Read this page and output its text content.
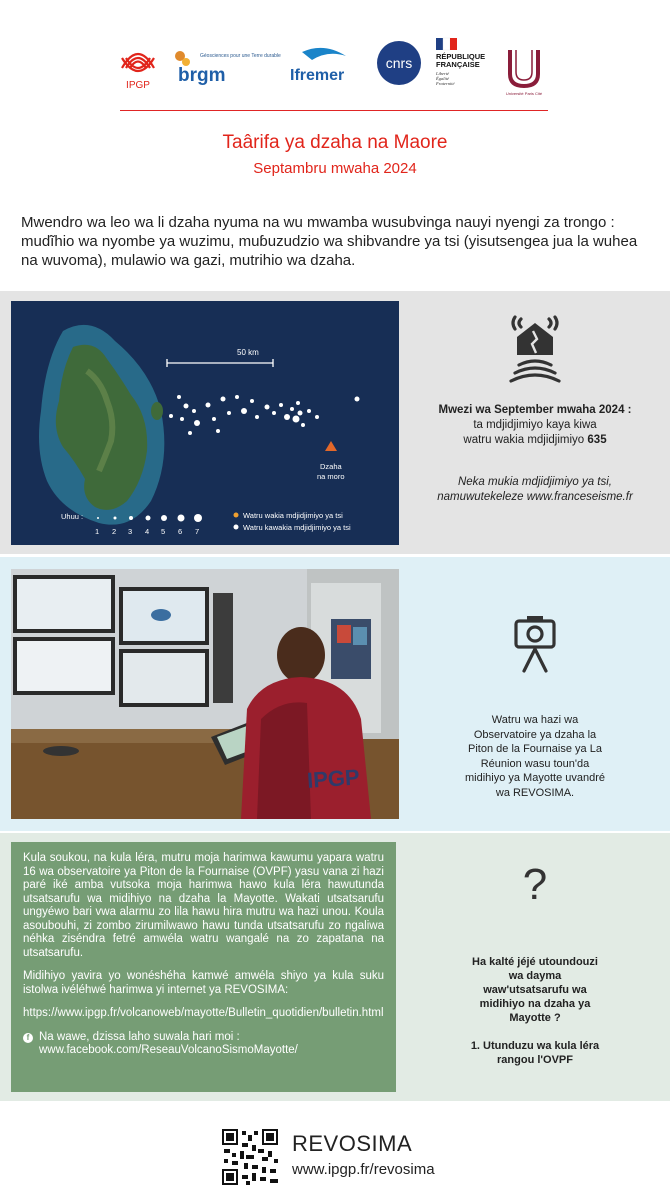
IPGP brgm
Géosciences pour une Terre durable
Ifremer
cnrs	RÉPUBLIQUE
FRANÇAISE
Liberté
Égalité
Fraternité
Université Paris Cité
Taârifa ya dzaha na Maore
Septambru mwaha 2024

Mwendro wa leo wa li dzaha nyuma na wu mwamba wusubvinga nauyi nyengi za trongo : mudĩhio wa nyombe ya wuzimu, muɓuzudzio wa shibvandre ya tsi (yisutsengea jua la wuhea na wuvoma), mulawio wa gazi, mutrihio wa dzaha.

50 km
Dzaha
na moro
Uhuu :
1 2 3 4 5 6 7
Watru wakia mdjidjimiyo ya tsi
Watru kawakia mdjidjimiyo ya tsi
Mwezi wa September mwaha 2024 :
ta mdjidjimiyo kaya kiwa
watru wakia mdjidjimiyo 635
Neka mukia mdjidjimiyo ya tsi,
namuwutekeleze www.franceseisme.fr
IPGP
Watru wa hazi wa
Observatoire ya dzaha la
Piton de la Fournaise ya La
Réunion wasu toun'da
midihiyo ya Mayotte uvandré
wa REVOSIMA.

Kula soukou, na kula léra, mutru moja harimwa kawumu yapara watru 16 wa observatoire ya Piton de la Fournaise (OVPF) yasu vana zi hazi paré iké amba vutsoka moja harimwa hawo kula léra hawutunda utsatsarufu wa midihiyo na dzaha la Mayotte. Wakati utsatsarufu ungyéwo bari vwa alarmu zo lila hawu hira mutru wa hazi unou. Koula asoubouhi, zi zombo zirumilwawo hawu tunda utsatsarufu zo ngaliwa néhka ziséndra fetré amwéla watru wangalé na zo zapatana na utsatsarufu.

Midihiyo yavira yo wonéshéha kamwé amwéla shiyo ya kula suku istolwa ivéléhwé harimwa yi internet ya REVOSIMA:

https://www.ipgp.fr/volcanoweb/mayotte/Bulletin_quotidien/bulletin.html

f Na wawe, dzissa laho suwala hari moi :
www.facebook.com/ReseauVolcanoSismoMayotte/
?
Ha kalté jéjé utoundouzi
wa dayma
waw'utsatsarufu wa
midihiyo na dzaha ya
Mayotte ?
1. Utunduzu wa kula léra
rangou l'OVPF
REVOSIMA
www.ipgp.fr/revosima
